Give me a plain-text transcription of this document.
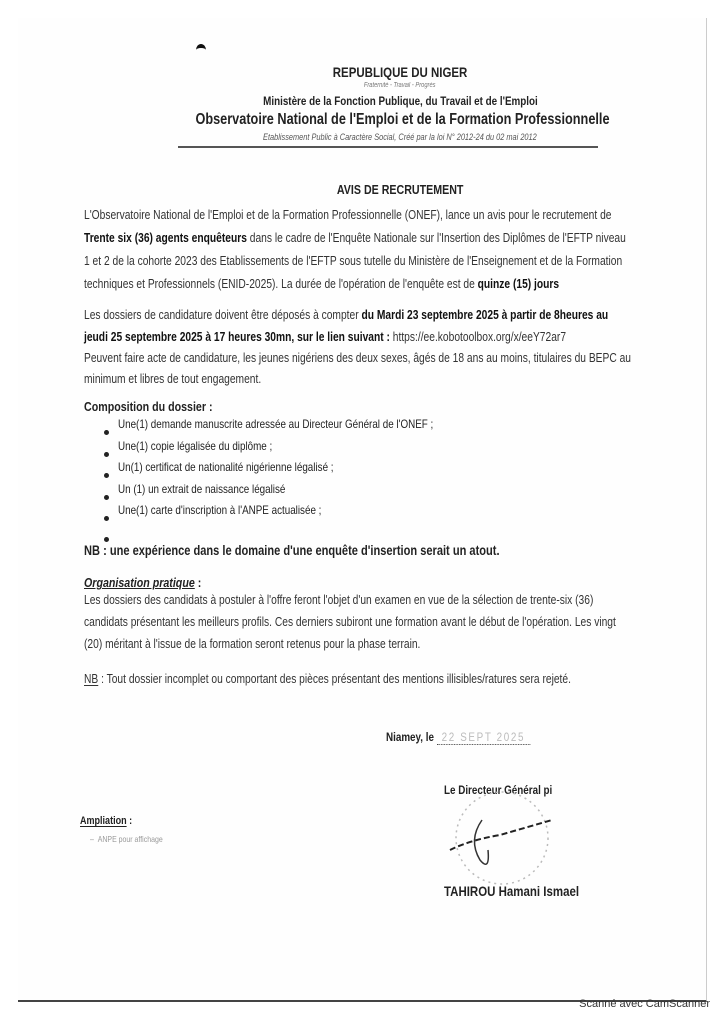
REPUBLIQUE DU NIGER
Fraternité - Travail - Progrès
Ministère de la Fonction Publique, du Travail et de l'Emploi
Observatoire National de l'Emploi et de la Formation Professionnelle
Etablissement Public à Caractère Social, Créé par la loi N° 2012-24 du 02 mai 2012
AVIS DE RECRUTEMENT
L'Observatoire National de l'Emploi et de la Formation Professionnelle (ONEF), lance un avis pour le recrutement de
Trente six (36) agents enquêteurs dans le cadre de l'Enquête Nationale sur l'Insertion des Diplômes de l'EFTP niveau
1 et 2 de la cohorte 2023 des Etablissements de l'EFTP sous tutelle du Ministère de l'Enseignement et de la Formation
techniques et Professionnels (ENID-2025). La durée de l'opération de l'enquête est de quinze (15) jours
Les dossiers de candidature doivent être déposés à compter du Mardi 23 septembre 2025 à partir de 8heures au
jeudi 25 septembre 2025 à 17 heures 30mn, sur le lien suivant : https://ee.kobotoolbox.org/x/eeY72ar7
Peuvent faire acte de candidature, les jeunes nigériens des deux sexes, âgés de 18 ans au moins, titulaires du BEPC au
minimum et libres de tout engagement.
Composition du dossier :
Une(1) demande manuscrite adressée au Directeur Général de l'ONEF ;
Une(1) copie légalisée du diplôme ;
Un(1) certificat de nationalité nigérienne légalisé ;
Un (1) un extrait de naissance légalisé
Une(1) carte d'inscription à l'ANPE actualisée ;
NB : une expérience dans le domaine d'une enquête d'insertion serait un atout.
Organisation pratique :
Les dossiers des candidats à postuler à l'offre feront l'objet d'un examen en vue de la sélection de trente-six (36)
candidats présentant les meilleurs profils. Ces derniers subiront une formation avant le début de l'opération. Les vingt
(20) méritant à l'issue de la formation seront retenus pour la phase terrain.
NB : Tout dossier incomplet ou comportant des pièces présentant des mentions illisibles/ratures sera rejeté.
Niamey, le 22 SEPT 2025
Le Directeur Général pi
TAHIROU Hamani Ismael
Ampliation :
–  ANPE pour affichage
Scanné avec CamScanner
